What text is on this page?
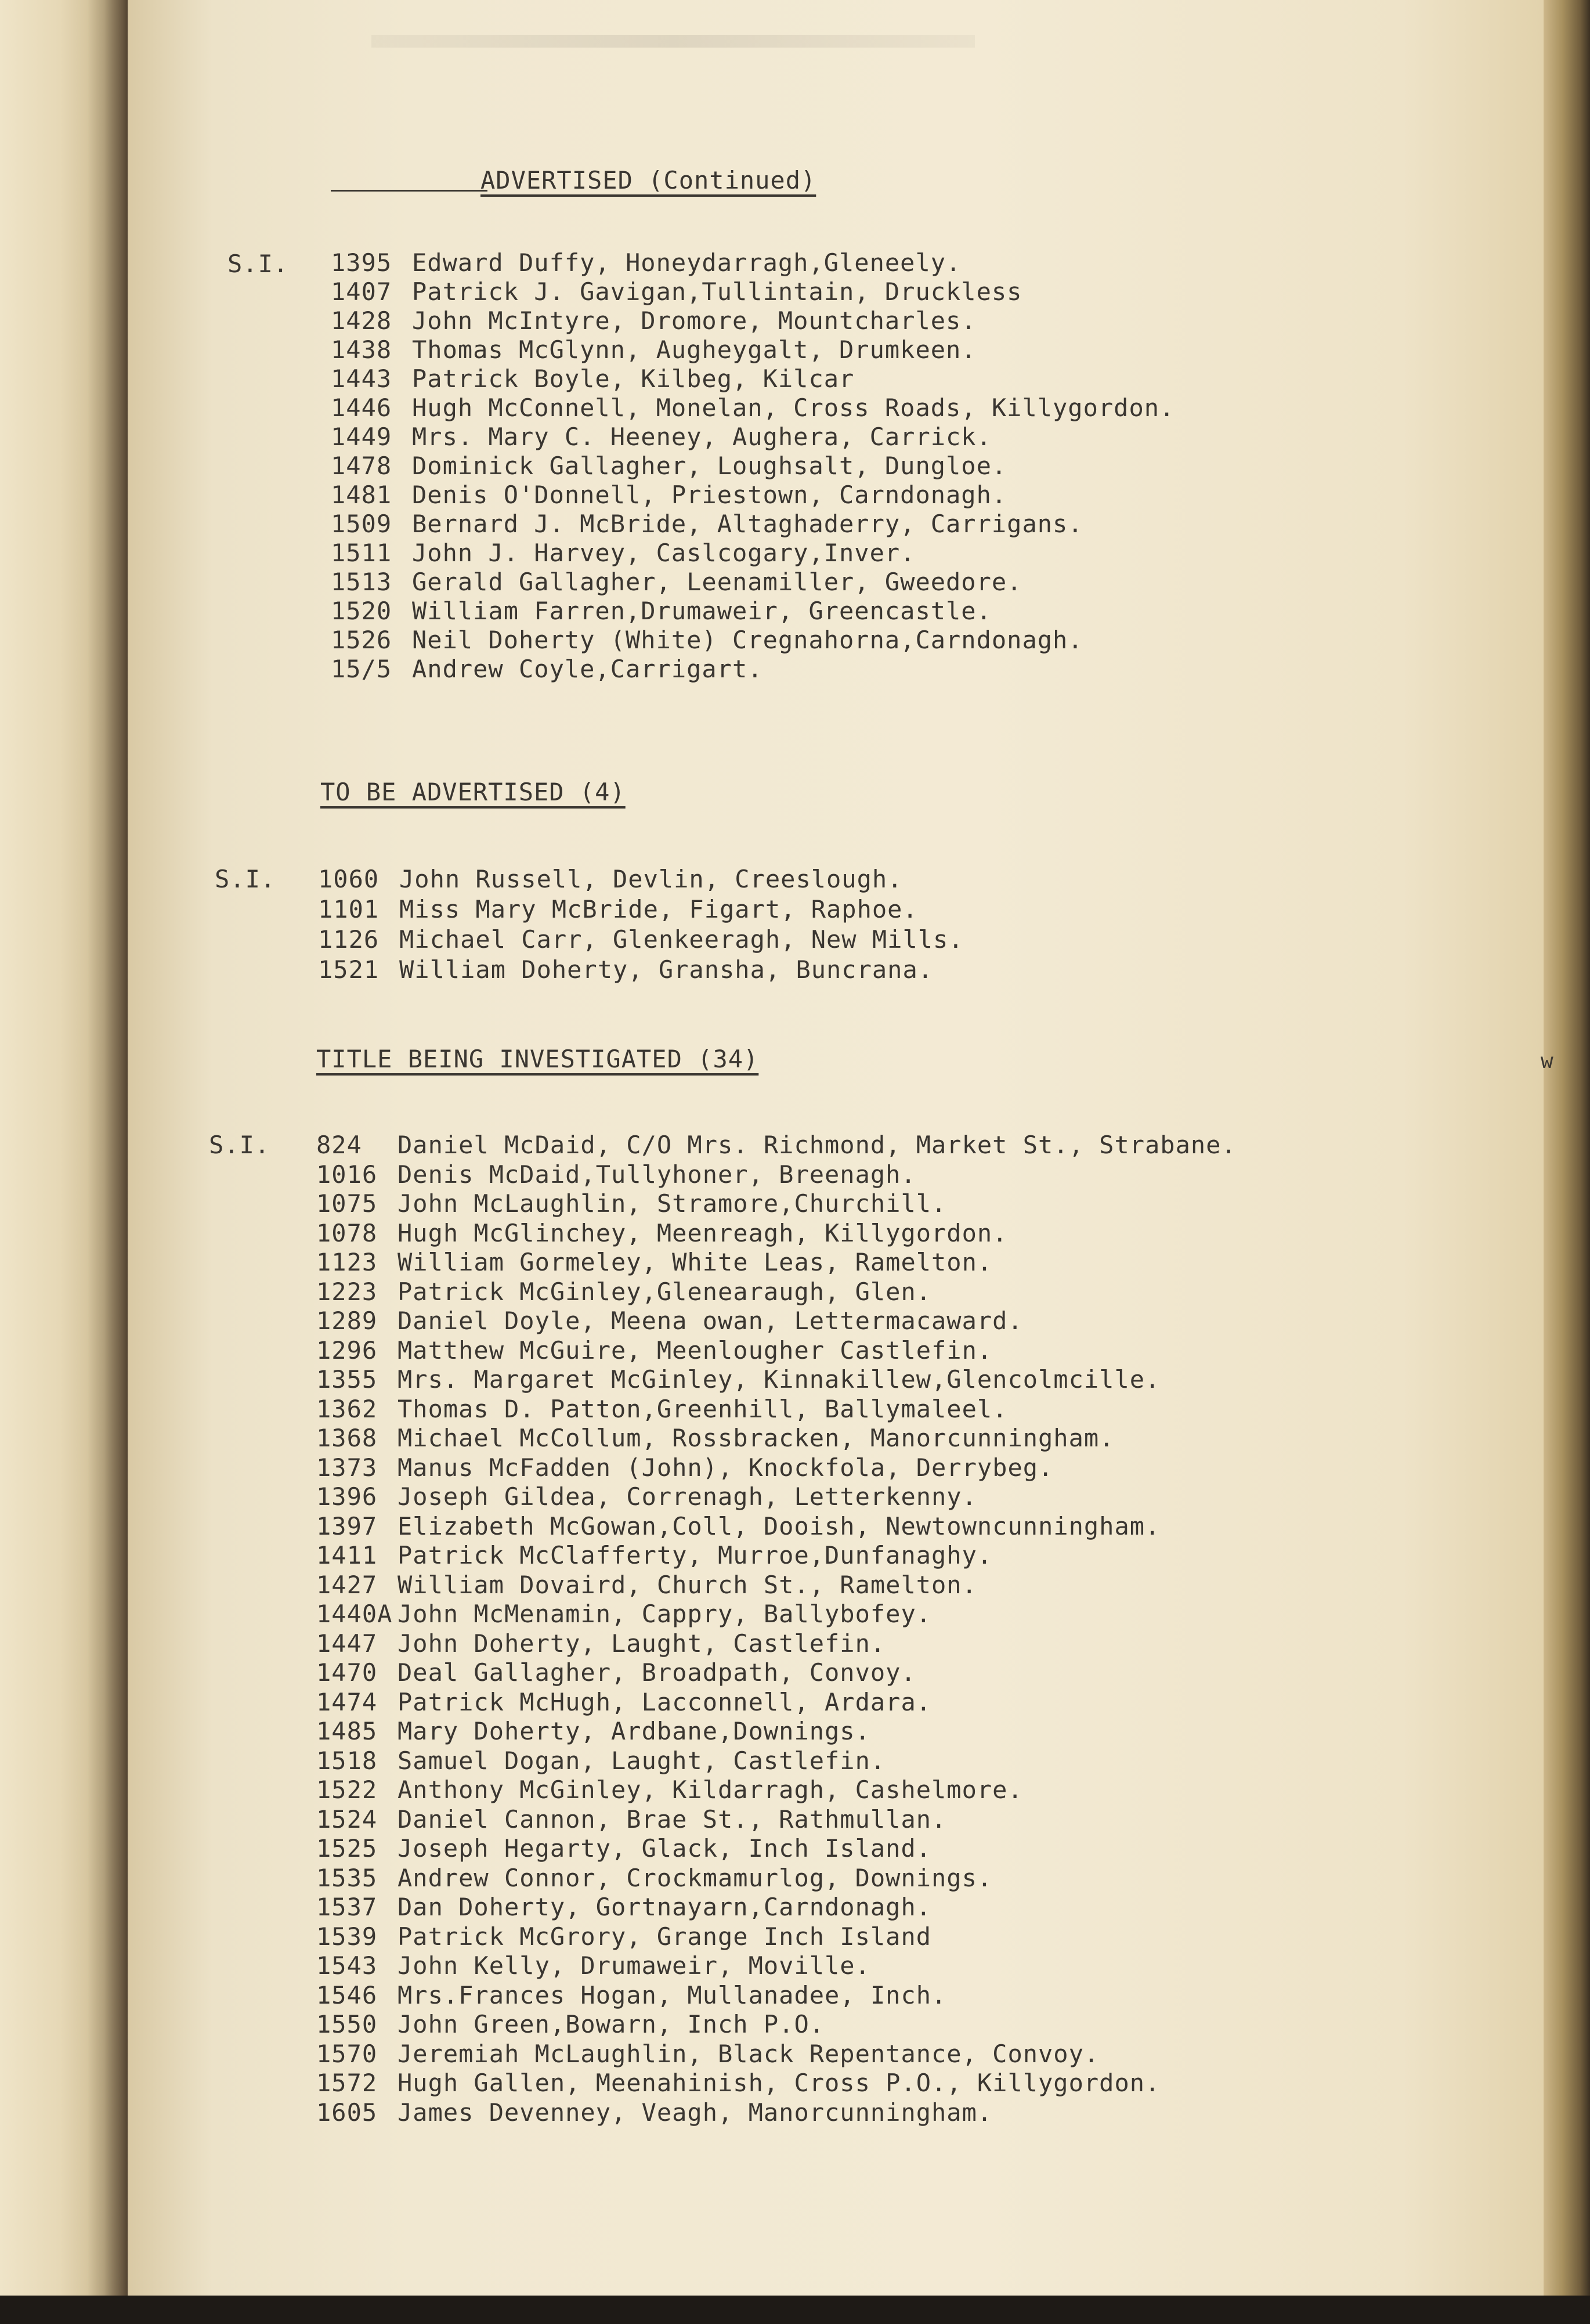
ADVERTISED (Continued)
S.I. 1395 Edward Duffy, Honeydarragh,Gleneely.
1407 Patrick J. Gavigan,Tullintain, Druckless
1428 John McIntyre, Dromore, Mountcharles.
1438 Thomas McGlynn, Augheygalt, Drumkeen.
1443 Patrick Boyle, Kilbeg, Kilcar
1446 Hugh McConnell, Monelan, Cross Roads, Killygordon.
1449 Mrs. Mary C. Heeney, Aughera, Carrick.
1478 Dominick Gallagher, Loughsalt, Dungloe.
1481 Denis O'Donnell, Priestown, Carndonagh.
1509 Bernard J. McBride, Altaghaderry, Carrigans.
1511 John J. Harvey, Caslcogary,Inver.
1513 Gerald Gallagher, Leenamiller, Gweedore.
1520 William Farren,Drumaweir, Greencastle.
1526 Neil Doherty (White) Cregnahorna,Carndonagh.
15/5 Andrew Coyle,Carrigart.
TO BE ADVERTISED (4)
S.I. 1060 John Russell, Devlin, Creeslough.
1101 Miss Mary McBride, Figart, Raphoe.
1126 Michael Carr, Glenkeeragh, New Mills.
1521 William Doherty, Gransha, Buncrana.
TITLE BEING INVESTIGATED (34)
S.I. 824 Daniel McDaid, C/O Mrs. Richmond, Market St., Strabane.
1016 Denis McDaid,Tullyhoner, Breenagh.
1075 John McLaughlin, Stramore,Churchill.
1078 Hugh McGlinchey, Meenreagh, Killygordon.
1123 William Gormeley, White Leas, Ramelton.
1223 Patrick McGinley,Glenearaugh, Glen.
1289 Daniel Doyle, Meena owan, Lettermacaward.
1296 Matthew McGuire, Meenlougher Castlefin.
1355 Mrs. Margaret McGinley, Kinnakillew,Glencolmcille.
1362 Thomas D. Patton,Greenhill, Ballymaleel.
1368 Michael McCollum, Rossbracken, Manorcunningham.
1373 Manus McFadden (John), Knockfola, Derrybeg.
1396 Joseph Gildea, Correnagh, Letterkenny.
1397 Elizabeth McGowan,Coll, Dooish, Newtowncunningham.
1411 Patrick McClafferty, Murroe,Dunfanaghy.
1427 William Dovaird, Church St., Ramelton.
1440A John McMenamin, Cappry, Ballybofey.
1447 John Doherty, Laught, Castlefin.
1470 Deal Gallagher, Broadpath, Convoy.
1474 Patrick McHugh, Lacconnell, Ardara.
1485 Mary Doherty, Ardbane,Downings.
1518 Samuel Dogan, Laught, Castlefin.
1522 Anthony McGinley, Kildarragh, Cashelmore.
1524 Daniel Cannon, Brae St., Rathmullan.
1525 Joseph Hegarty, Glack, Inch Island.
1535 Andrew Connor, Crockmamurlog, Downings.
1537 Dan Doherty, Gortnayarn,Carndonagh.
1539 Patrick McGrory, Grange Inch Island
1543 John Kelly, Drumaweir, Moville.
1546 Mrs.Frances Hogan, Mullanadee, Inch.
1550 John Green,Bowarn, Inch P.O.
1570 Jeremiah McLaughlin, Black Repentance, Convoy.
1572 Hugh Gallen, Meenahinish, Cross P.O., Killygordon.
1605 James Devenney, Veagh, Manorcunningham.
w
